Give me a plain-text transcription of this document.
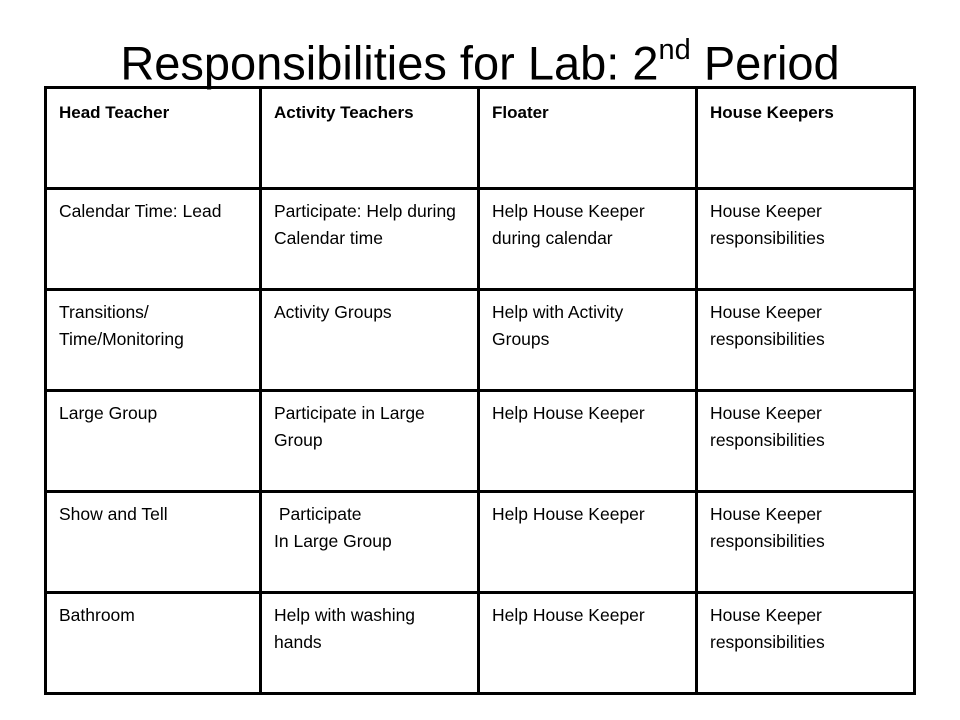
Responsibilities for Lab: 2nd Period
Head Teacher	Activity Teachers	Floater	House Keepers

Calendar Time: Lead	Participate: Help during Calendar time	Help House Keeper during calendar	House Keeper responsibilities

Transitions/
Time/Monitoring	Activity Groups	Help with Activity Groups	House Keeper responsibilities

Large Group	Participate in Large Group	Help House Keeper	House Keeper responsibilities

Show and Tell	Participate
In Large Group	Help House Keeper	House Keeper responsibilities

Bathroom	Help with washing hands	Help House Keeper	House Keeper responsibilities
